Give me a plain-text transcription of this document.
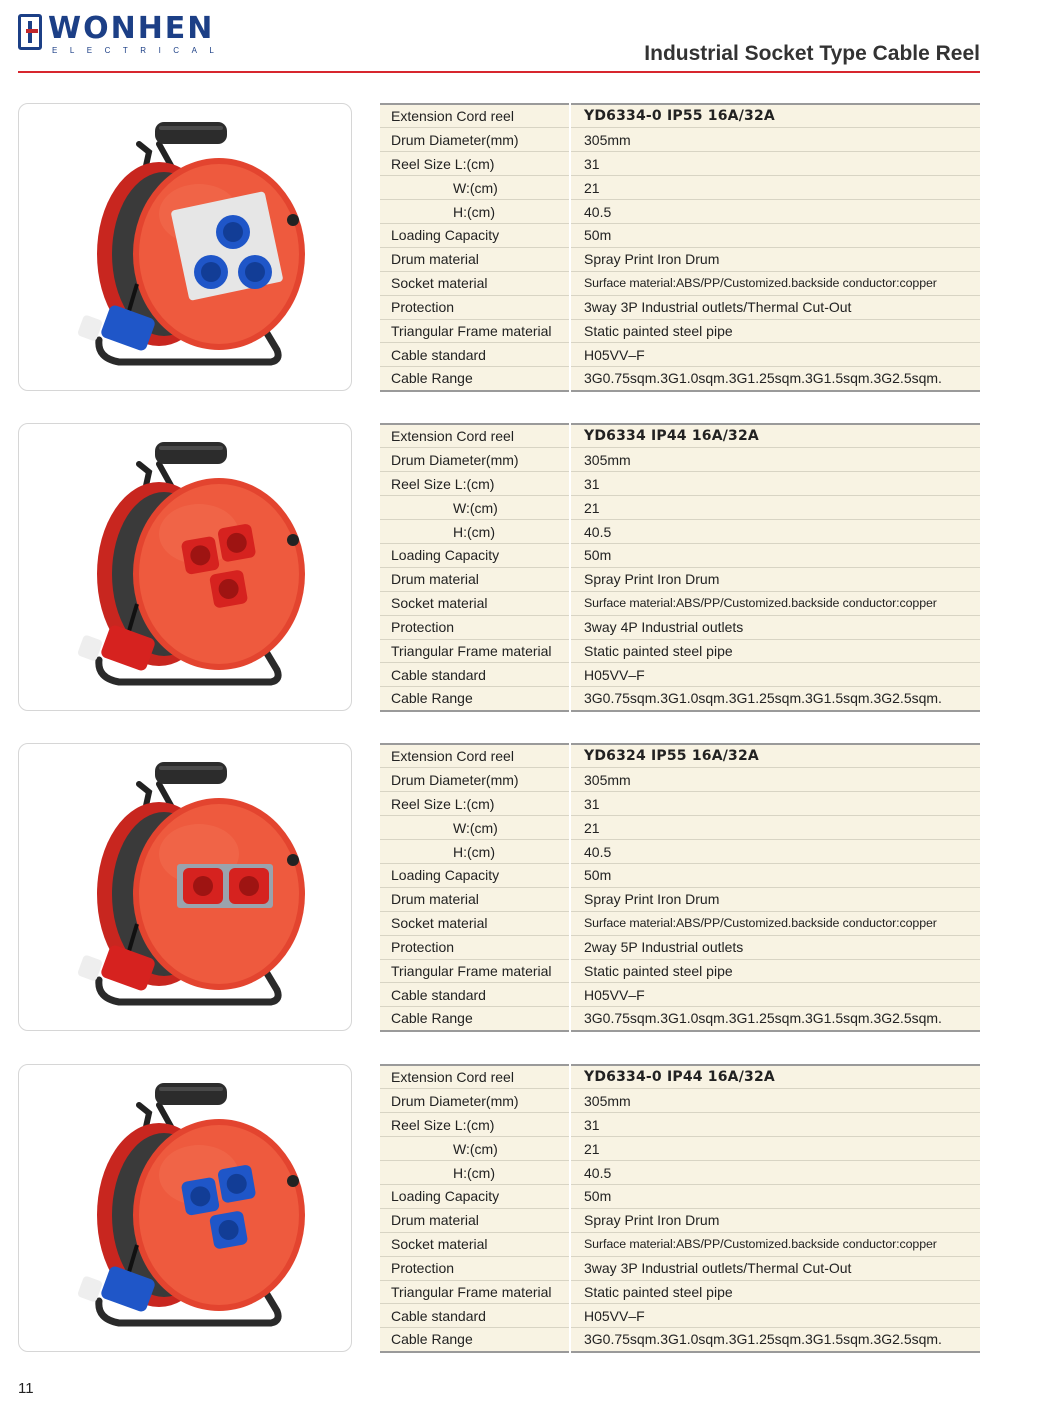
WONHEN
ELECTRICAL	Industrial Socket Type Cable Reel
Extension Cord reel	YD6334-0 IP55 16A/32A
Drum Diameter(mm)	305mm
Reel Size L:(cm)	31
W:(cm)	21
H:(cm)	40.5
Loading Capacity	50m
Drum material	Spray Print Iron Drum
Socket material	Surface material:ABS/PP/Customized.backside conductor:copper
Protection	3way 3P Industrial outlets/Thermal Cut-Out
Triangular Frame material	Static painted steel pipe
Cable standard	H05VV–F
Cable Range	3G0.75sqm.3G1.0sqm.3G1.25sqm.3G1.5sqm.3G2.5sqm.
Extension Cord reel	YD6334 IP44 16A/32A
Drum Diameter(mm)	305mm
Reel Size L:(cm)	31
W:(cm)	21
H:(cm)	40.5
Loading Capacity	50m
Drum material	Spray Print Iron Drum
Socket material	Surface material:ABS/PP/Customized.backside conductor:copper
Protection	3way 4P Industrial outlets
Triangular Frame material	Static painted steel pipe
Cable standard	H05VV–F
Cable Range	3G0.75sqm.3G1.0sqm.3G1.25sqm.3G1.5sqm.3G2.5sqm.
Extension Cord reel	YD6324 IP55 16A/32A
Drum Diameter(mm)	305mm
Reel Size L:(cm)	31
W:(cm)	21
H:(cm)	40.5
Loading Capacity	50m
Drum material	Spray Print Iron Drum
Socket material	Surface material:ABS/PP/Customized.backside conductor:copper
Protection	2way 5P Industrial outlets
Triangular Frame material	Static painted steel pipe
Cable standard	H05VV–F
Cable Range	3G0.75sqm.3G1.0sqm.3G1.25sqm.3G1.5sqm.3G2.5sqm.
Extension Cord reel	YD6334-0 IP44 16A/32A
Drum Diameter(mm)	305mm
Reel Size L:(cm)	31
W:(cm)	21
H:(cm)	40.5
Loading Capacity	50m
Drum material	Spray Print Iron Drum
Socket material	Surface material:ABS/PP/Customized.backside conductor:copper
Protection	3way 3P Industrial outlets/Thermal Cut-Out
Triangular Frame material	Static painted steel pipe
Cable standard	H05VV–F
Cable Range	3G0.75sqm.3G1.0sqm.3G1.25sqm.3G1.5sqm.3G2.5sqm.
11
